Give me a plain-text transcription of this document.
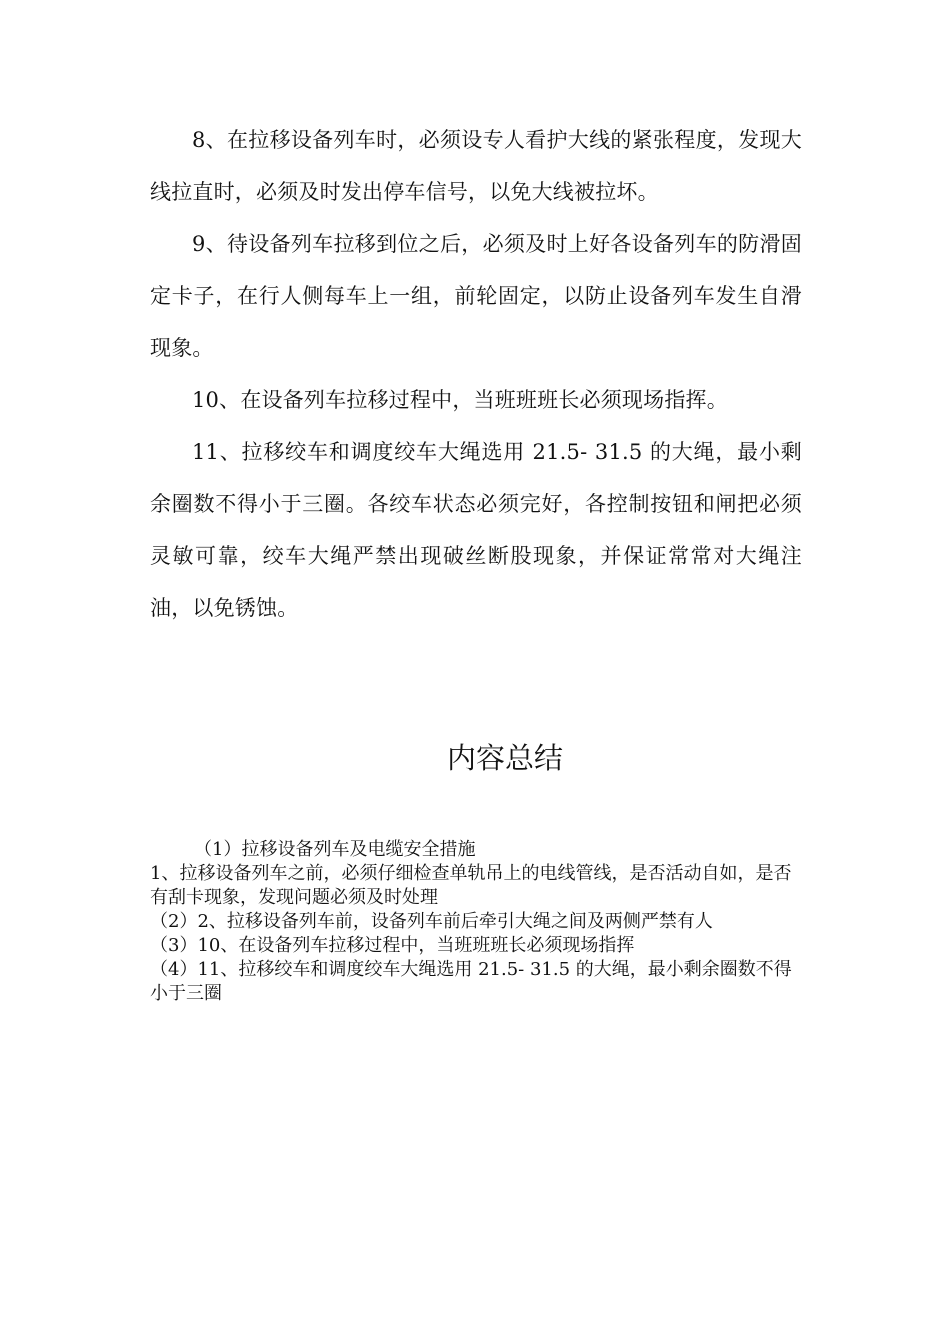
8、在拉移设备列车时，必须设专人看护大线的紧张程度，发现大线拉直时，必须及时发出停车信号，以免大线被拉坏。

9、待设备列车拉移到位之后，必须及时上好各设备列车的防滑固定卡子，在行人侧每车上一组，前轮固定，以防止设备列车发生自滑现象。

10、在设备列车拉移过程中，当班班班长必须现场指挥。

11、拉移绞车和调度绞车大绳选用 21.5- 31.5 的大绳，最小剩余圈数不得小于三圈。各绞车状态必须完好，各控制按钮和闸把必须灵敏可靠，绞车大绳严禁出现破丝断股现象，并保证常常对大绳注油，以免锈蚀。

内容总结
（1）拉移设备列车及电缆安全措施
1、拉移设备列车之前，必须仔细检查单轨吊上的电线管线，是否活动自如，是否有刮卡现象，发现问题必须及时处理
（2）2、拉移设备列车前，设备列车前后牵引大绳之间及两侧严禁有人
（3）10、在设备列车拉移过程中，当班班班长必须现场指挥
（4）11、拉移绞车和调度绞车大绳选用 21.5- 31.5 的大绳，最小剩余圈数不得小于三圈
